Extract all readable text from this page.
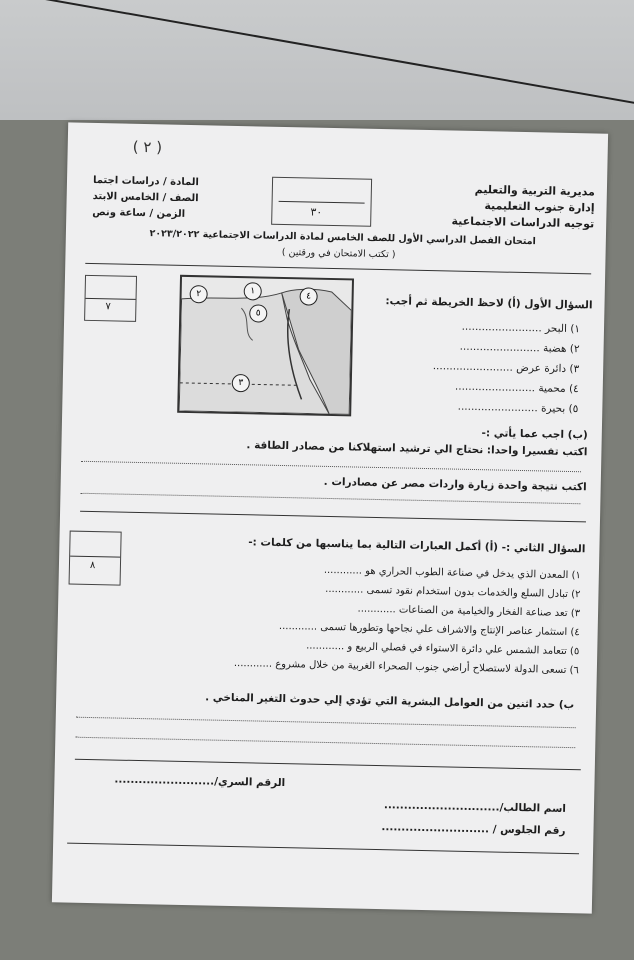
( ٢ )
مديرية التربية والتعليم
إدارة جنوب التعليمية
توجيه الدراسات الاجتماعية
المادة / دراسات اجتما
الصف / الخامس الابتد
الزمن / ساعة ونص	٣٠
امتحان الفصل الدراسي الأول للصف الخامس لمادة الدراسات الاجتماعية ٢٠٢٣/٢٠٢٢
( تكتب الامتحان في ورقتين )
٧
٢	١
٤
٥
٣
السؤال الأول (أ) لاحظ الخريطة ثم أجب:
١) البحر ........................
٢) هضبة ........................
٣) دائرة عرض ........................
٤) محمية ........................
٥) بحيرة ........................
(ب) اجب عما يأتي :-
اكتب تفسيرا واحدا: نحتاج الي ترشيد استهلاكنا من مصادر الطاقة .
اكتب نتيجة واحدة زيارة واردات مصر عن مصادرات .
٨
السؤال الثاني :- (أ) أكمل العبارات التالية بما يناسبها من كلمات :-
١) المعدن الذي يدخل في صناعة الطوب الحراري هو ............
٢) تبادل السلع والخدمات بدون استخدام نقود تسمى ............
٣) تعد صناعة الفخار والخيامية من الصناعات ............
٤) استثمار عناصر الإنتاج والاشراف علي نجاحها وتطورها تسمى ............
٥) تتعامد الشمس علي دائرة الاستواء في فصلي الربيع و ............
٦) تسعى الدولة لاستصلاح أراضي جنوب الصحراء الغربية من خلال مشروع ............
ب) حدد اثنين من العوامل البشرية التي تؤدي إلي حدوث التغير المناخي .
الرقم السري/.........................
اسم الطالب/.............................
رقم الجلوس / ...........................
